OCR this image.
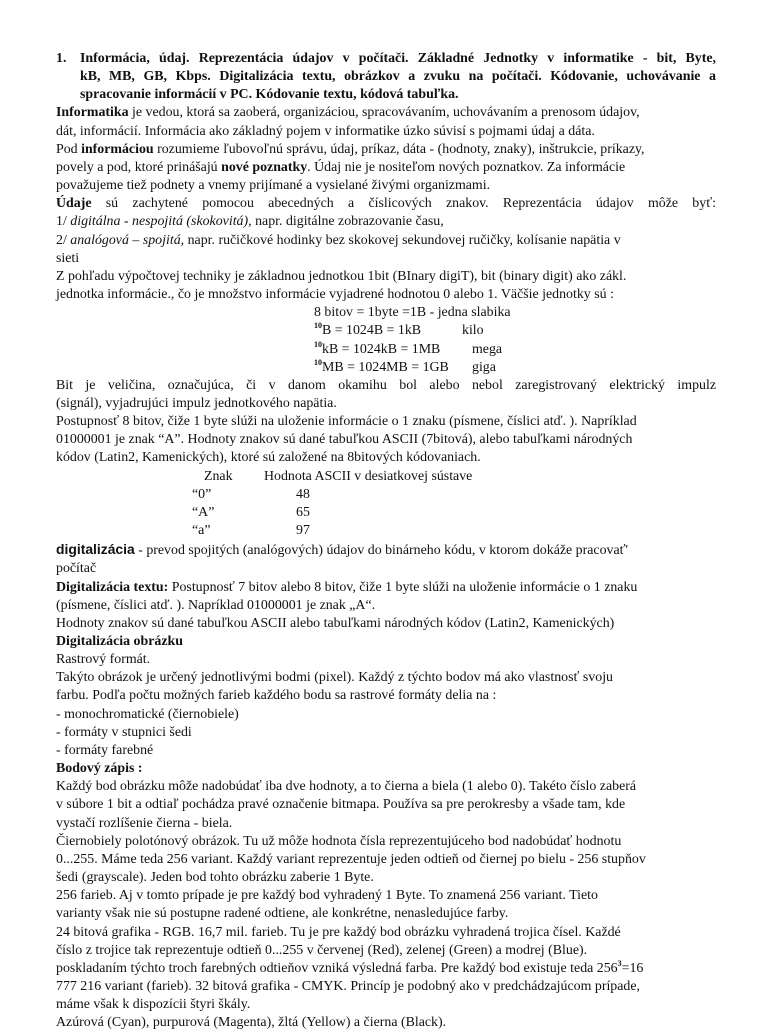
1. Informácia, údaj. Reprezentácia údajov v počítači. Základné Jednotky v informatike - bit, Byte,
kB, MB, GB, Kbps. Digitalizácia textu, obrázkov a zvuku na počítači. Kódovanie, uchovávanie a
spracovanie informácií v PC. Kódovanie textu, kódová tabuľka.
Informatika je vedou, ktorá sa zaoberá, organizáciou, spracovávaním, uchovávaním a prenosom údajov,
dát, informácií. Informácia ako základný pojem v informatike úzko súvisí s pojmami údaj a dáta.
Pod informáciou rozumieme ľubovoľnú správu, údaj, príkaz, dáta - (hodnoty, znaky), inštrukcie, príkazy,
povely a pod, ktoré prinášajú nové poznatky. Údaj nie je nositeľom nových poznatkov. Za informácie
považujeme tiež podnety a vnemy prijímané a vysielané živými organizmami.
Údaje sú zachytené pomocou abecedných a číslicových znakov. Reprezentácia údajov môže byť:
1/ digitálna - nespojitá (skokovitá), napr. digitálne zobrazovanie času,
2/ analógová – spojitá, napr. ručičkové hodinky bez skokovej sekundovej ručičky, kolísanie napätia v
sieti
Z pohľadu výpočtovej techniky je základnou jednotkou 1bit (BInary digiT), bit (binary digit) ako zákl.
jednotka informácie., čo je množstvo informácie vyjadrené hodnotou 0 alebo 1. Väčšie jednotky sú :
8 bitov = 1byte =1B - jedna slabika
$^{10}$B = 1024B = 1kB	kilo
$^{10}$kB = 1024kB = 1MB mega
$^{10}$MB = 1024MB = 1GB giga
Bit je veličina, označujúca, či v danom okamihu bol alebo nebol zaregistrovaný elektrický impulz
(signál), vyjadrujúci impulz jednotkového napätia.
Postupnosť 8 bitov, čiže 1 byte slúži na uloženie informácie o 1 znaku (písmene, číslici atď. ). Napríklad
01000001 je znak “A”. Hodnoty znakov sú dané tabuľkou ASCII (7bitová), alebo tabuľkami národných
kódov (Latin2, Kamenických), ktoré sú založené na 8bitových kódovaniach.
Znak Hodnota ASCII v desiatkovej sústave
“0”	48
“A”	65
“a”	97
digitalizácia - prevod spojitých (analógových) údajov do binárneho kódu, v ktorom dokáže pracovať'
počítač
Digitalizácia textu: Postupnosť 7 bitov alebo 8 bitov, čiže 1 byte slúži na uloženie informácie o 1 znaku
(písmene, číslici atď. ). Napríklad 01000001 je znak „A“.
Hodnoty znakov sú dané tabuľkou ASCII alebo tabuľkami národných kódov (Latin2, Kamenických)
Digitalizácia obrázku
Rastrový formát.
Takýto obrázok je určený jednotlivými bodmi (pixel). Každý z týchto bodov má ako vlastnosť svoju
farbu. Podľa počtu možných farieb každého bodu sa rastrové formáty delia na :
- monochromatické (čiernobiele)
- formáty v stupnici šedi
- formáty farebné
Bodový zápis :
Každý bod obrázku môže nadobúdať iba dve hodnoty, a to čierna a biela (1 alebo 0). Takéto číslo zaberá
v súbore 1 bit a odtiaľ pochádza pravé označenie bitmapa. Používa sa pre perokresby a všade tam, kde
vystačí rozlíšenie čierna - biela.
Čiernobiely polotónový obrázok. Tu už môže hodnota čísla reprezentujúceho bod nadobúdať hodnotu
0...255. Máme teda 256 variant. Každý variant reprezentuje jeden odtieň od čiernej po bielu - 256 stupňov
šedi (grayscale). Jeden bod tohto obrázku zaberie 1 Byte.
256 farieb. Aj v tomto prípade je pre každý bod vyhradený 1 Byte. To znamená 256 variant. Tieto
varianty však nie sú postupne radené odtiene, ale konkrétne, nenasledujúce farby.
24 bitová grafika - RGB. 16,7 mil. farieb. Tu je pre každý bod obrázku vyhradená trojica čísel. Každé
číslo z trojice tak reprezentuje odtieň 0...255 v červenej (Red), zelenej (Green) a modrej (Blue).
poskladaním týchto troch farebných odtieňov vzniká výsledná farba. Pre každý bod existuje teda $256^3=16$
777 216 variant (farieb). 32 bitová grafika - CMYK. Princíp je podobný ako v predchádzajúcom prípade,
máme však k dispozícii štyri škály.
Azúrová (Cyan), purpurová (Magenta), žltá (Yellow) a čierna (Black).
